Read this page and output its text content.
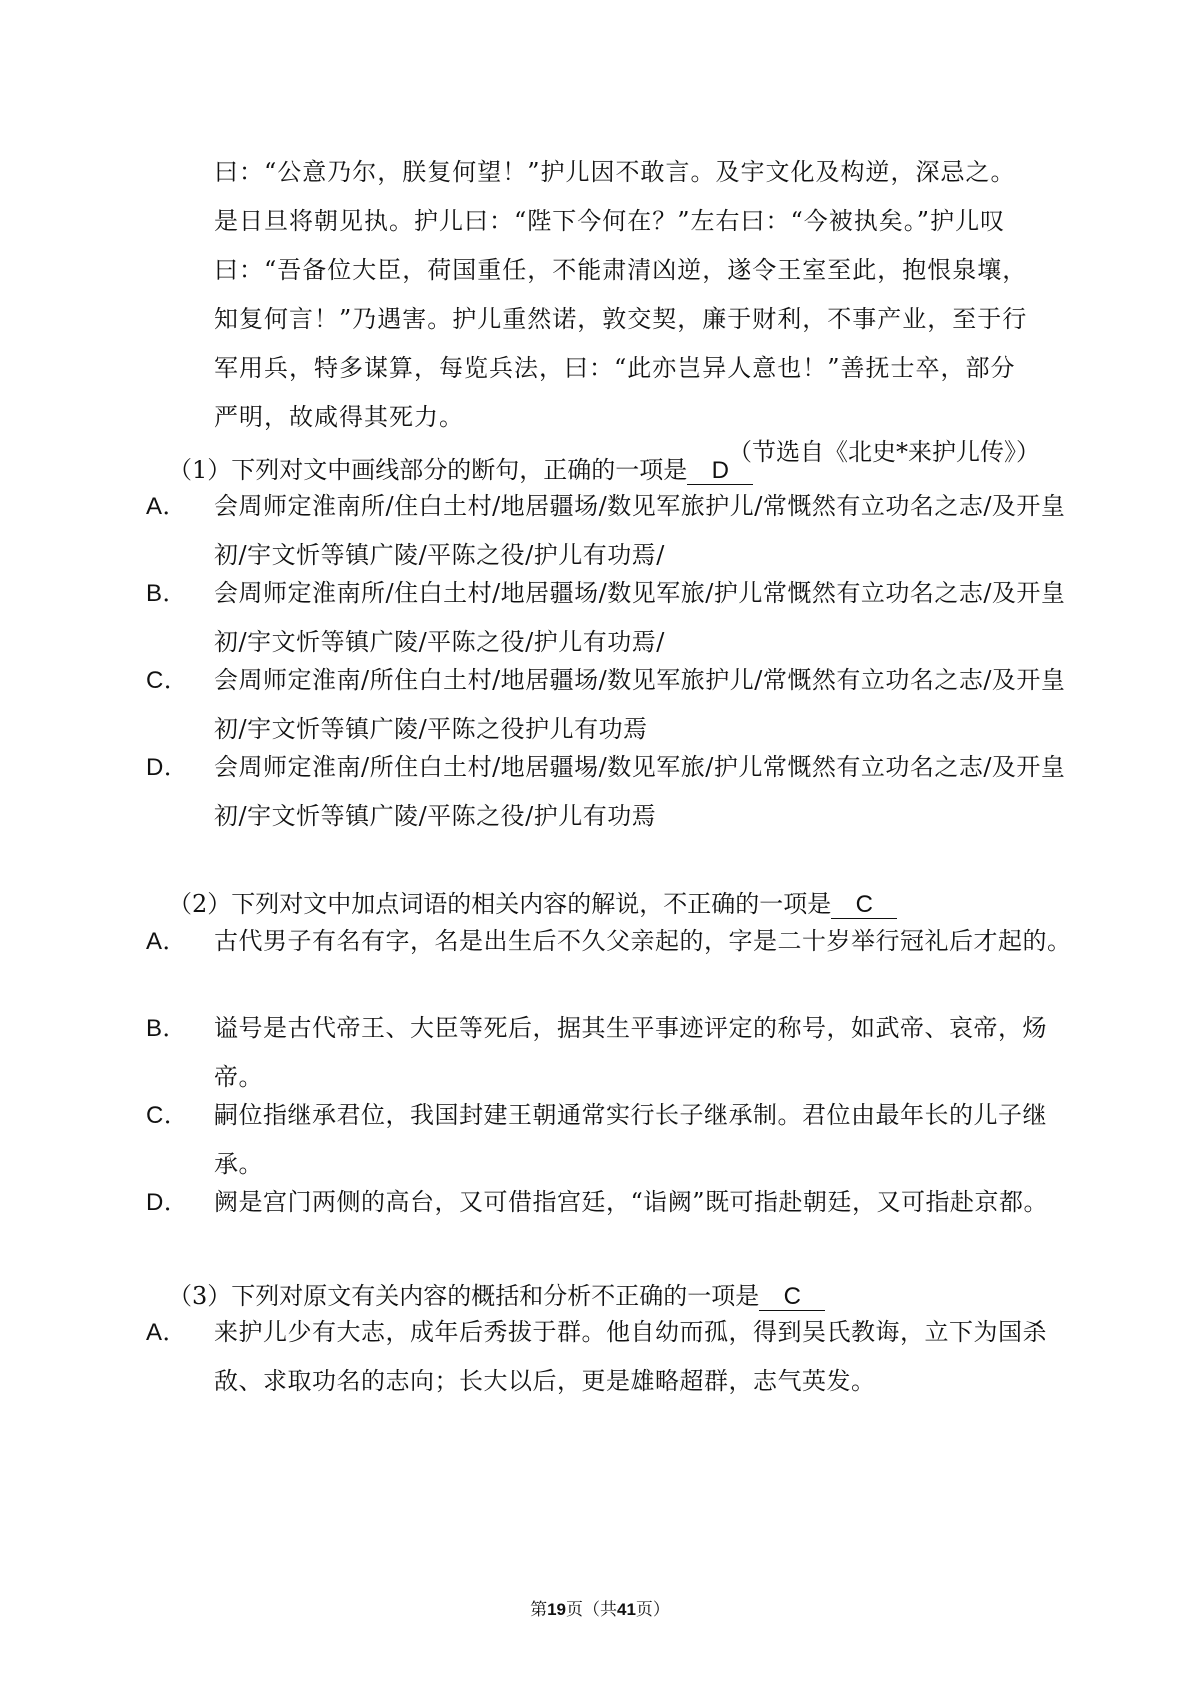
曰：“公意乃尔，朕复何望！”护儿因不敢言。及宇文化及构逆，深忌之。是日旦将朝见执。护儿曰：“陛下今何在？”左右曰：“今被执矣。”护儿叹曰：“吾备位大臣，荷国重任，不能肃清凶逆，遂令王室至此，抱恨泉壤，知复何言！”乃遇害。护儿重然诺，敦交契，廉于财利，不事产业，至于行军用兵，特多谋算，每览兵法，曰：“此亦岂异人意也！”善抚士卒，部分严明，故咸得其死力。

（节选自《北史*来护儿传》）

（1）下列对文中画线部分的断句，正确的一项是 D

A． 会周师定淮南所/住白土村/地居疆场/数见军旅护儿/常慨然有立功名之志/及开皇初/宇文忻等镇广陵/平陈之役/护儿有功焉/
B． 会周师定淮南所/住白土村/地居疆场/数见军旅/护儿常慨然有立功名之志/及开皇初/宇文忻等镇广陵/平陈之役/护儿有功焉/
C． 会周师定淮南/所住白土村/地居疆场/数见军旅护儿/常慨然有立功名之志/及开皇初/宇文忻等镇广陵/平陈之役护儿有功焉
D． 会周师定淮南/所住白土村/地居疆埸/数见军旅/护儿常慨然有立功名之志/及开皇初/宇文忻等镇广陵/平陈之役/护儿有功焉

（2）下列对文中加点词语的相关内容的解说，不正确的一项是 C

A． 古代男子有名有字，名是出生后不久父亲起的，字是二十岁举行冠礼后才起的。
B． 谥号是古代帝王、大臣等死后，据其生平事迹评定的称号，如武帝、哀帝，炀帝。
C． 嗣位指继承君位，我国封建王朝通常实行长子继承制。君位由最年长的儿子继承。
D． 阙是宫门两侧的高台，又可借指宫廷，“诣阙”既可指赴朝廷，又可指赴京都。

（3）下列对原文有关内容的概括和分析不正确的一项是 C

A． 来护儿少有大志，成年后秀拔于群。他自幼而孤，得到吴氏教诲，立下为国杀敌、求取功名的志向；长大以后，更是雄略超群，志气英发。

第19页（共41页）
